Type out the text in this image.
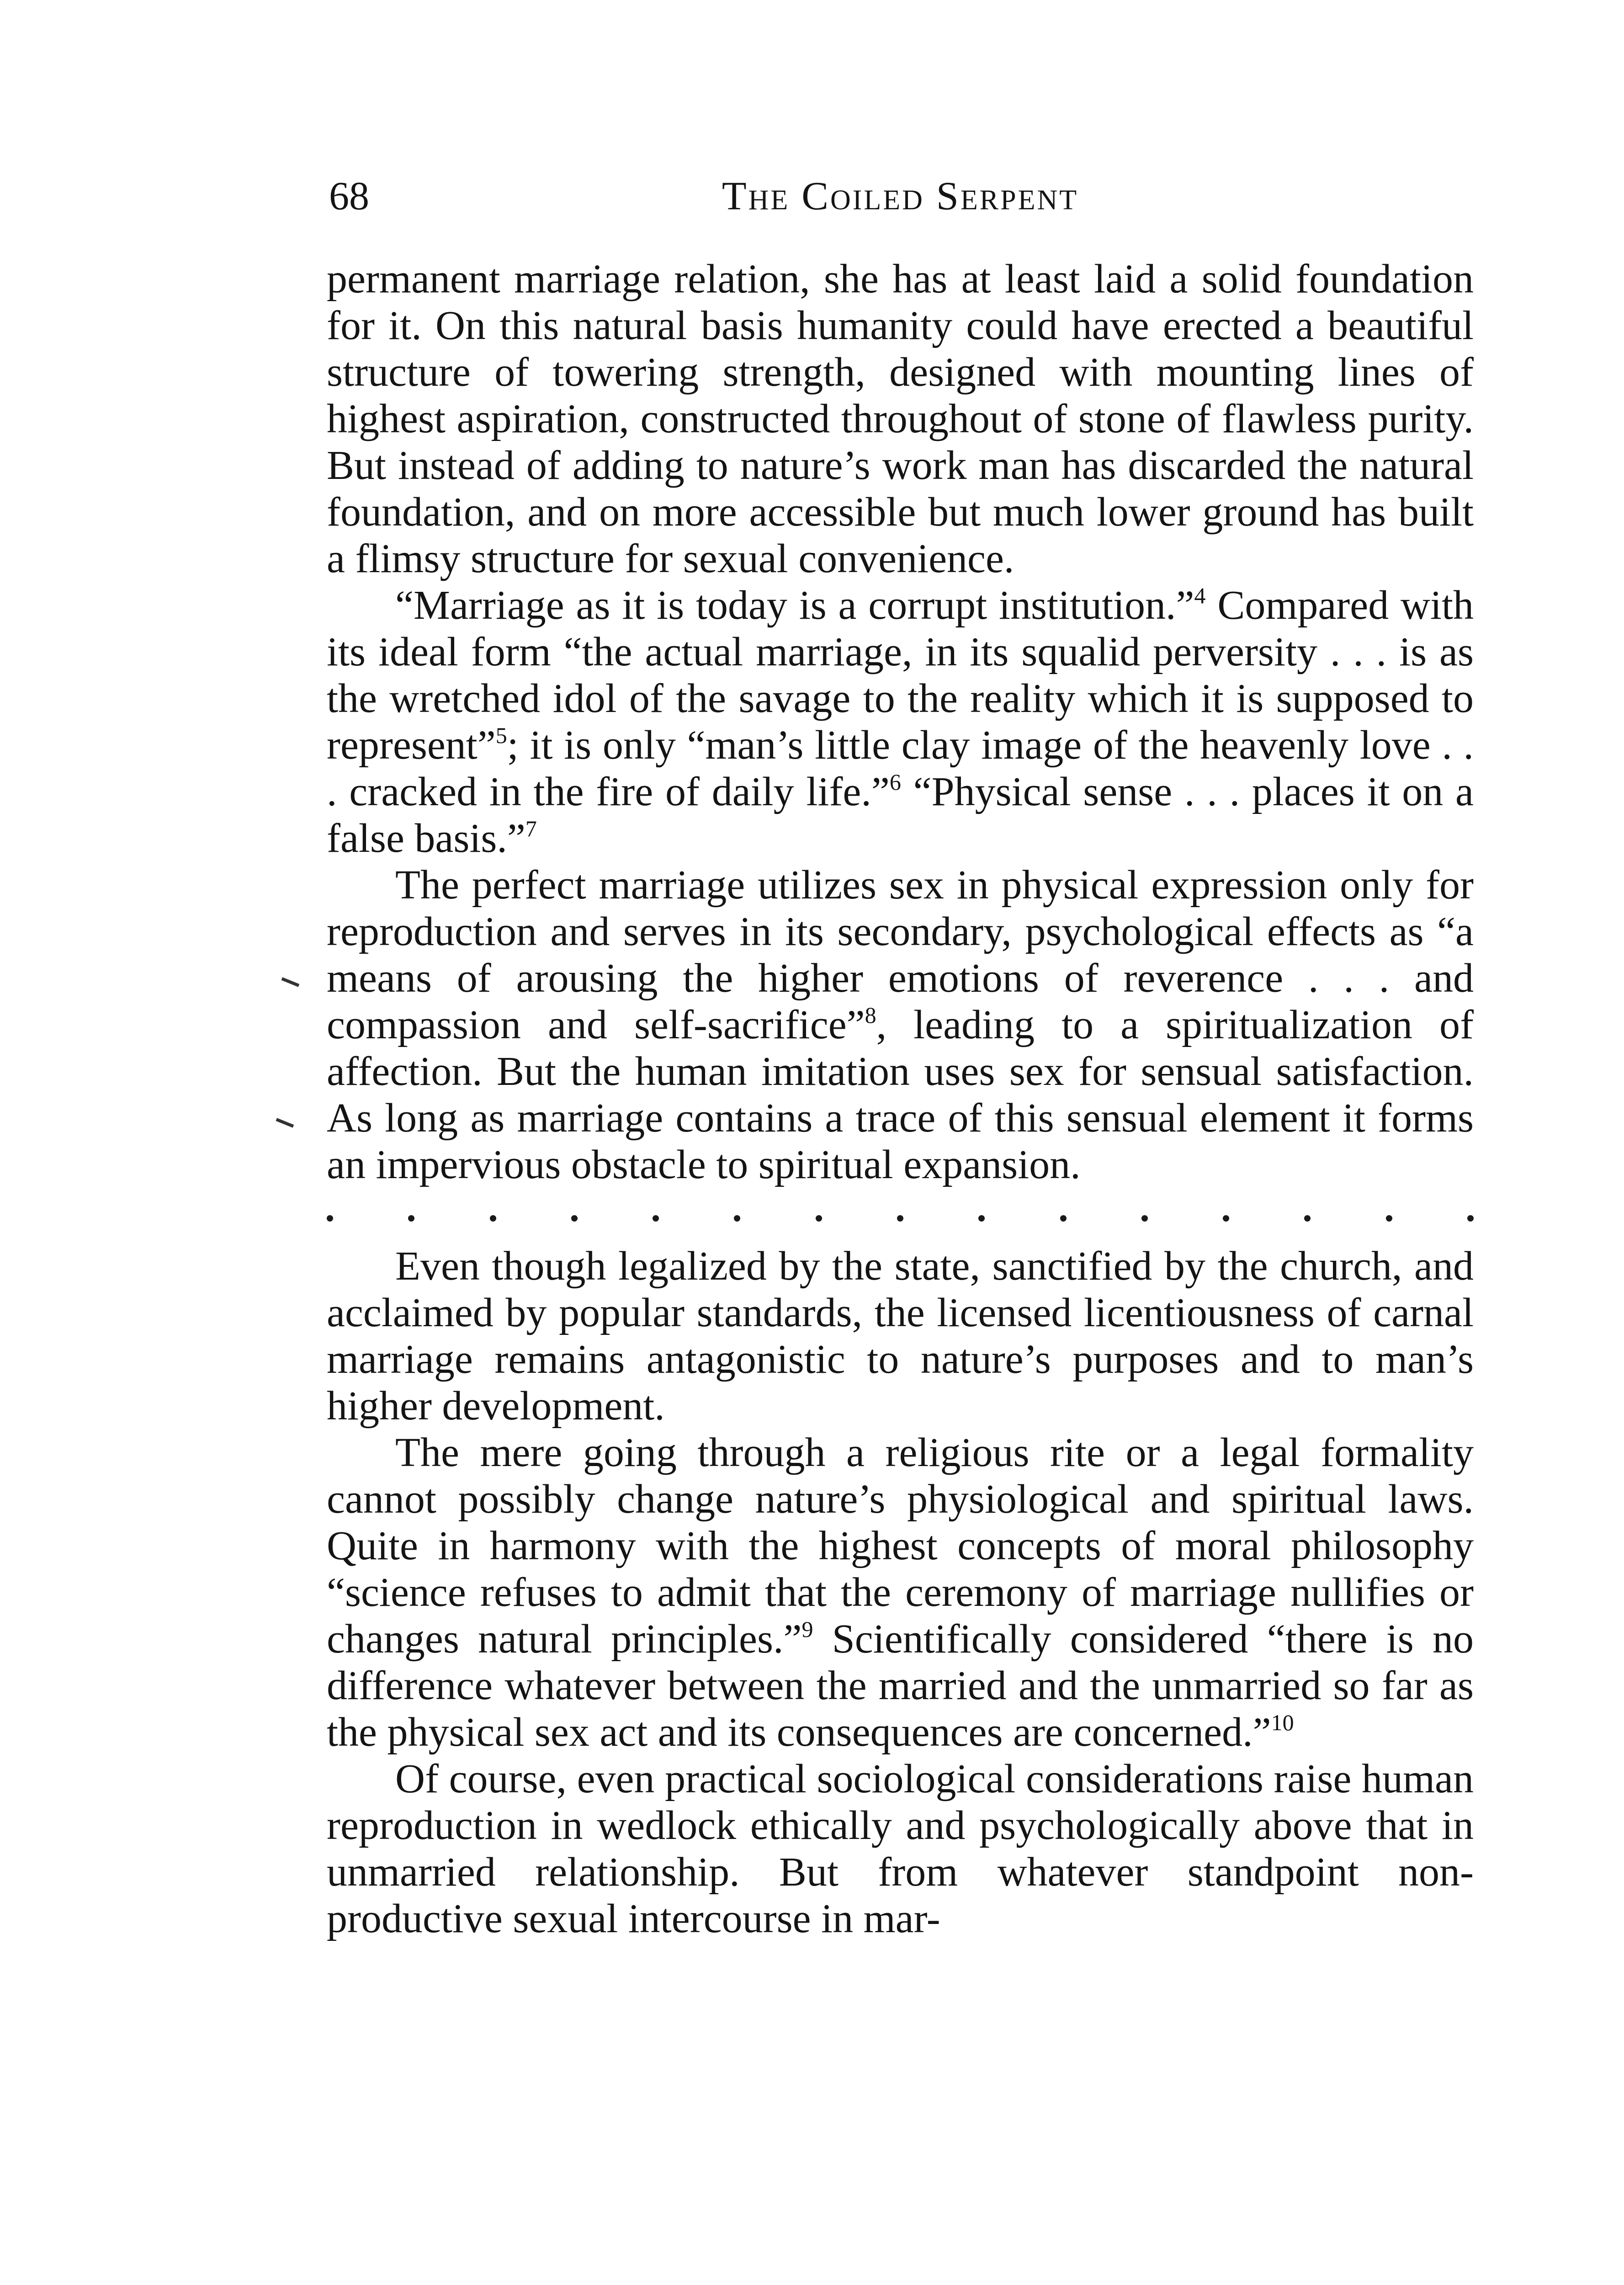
68	The Coiled Serpent

permanent marriage relation, she has at least laid a solid foundation for it. On this natural basis humanity could have erected a beautiful structure of towering strength, designed with mounting lines of highest aspiration, constructed throughout of stone of flawless purity. But instead of adding to nature’s work man has discarded the natural foundation, and on more accessible but much lower ground has built a flimsy structure for sexual convenience.

“Marriage as it is today is a corrupt institution.”$^4$ Compared with its ideal form “the actual marriage, in its squalid perversity . . . is as the wretched idol of the savage to the reality which it is supposed to represent”$^5$; it is only “man’s little clay image of the heavenly love . . . cracked in the fire of daily life.”$^6$ “Physical sense . . . places it on a false basis.”$^7$

The perfect marriage utilizes sex in physical expression only for reproduction and serves in its secondary, psychological effects as “a means of arousing the higher emotions of reverence . . . and compassion and self-sacrifice”$^8$, leading to a spiritualization of affection. But the human imitation uses sex for sensual satisfaction. As long as marriage contains a trace of this sensual element it forms an impervious obstacle to spiritual expansion.

Even though legalized by the state, sanctified by the church, and acclaimed by popular standards, the licensed licentiousness of carnal marriage remains antagonistic to nature’s purposes and to man’s higher development.

The mere going through a religious rite or a legal formality cannot possibly change nature’s physiological and spiritual laws. Quite in harmony with the highest concepts of moral philosophy “science refuses to admit that the ceremony of marriage nullifies or changes natural principles.”$^9$ Scientifically considered “there is no difference whatever between the married and the unmarried so far as the physical sex act and its consequences are concerned.”$^{10}$

Of course, even practical sociological considerations raise human reproduction in wedlock ethically and psychologically above that in unmarried relationship. But from whatever standpoint non-productive sexual intercourse in mar-
